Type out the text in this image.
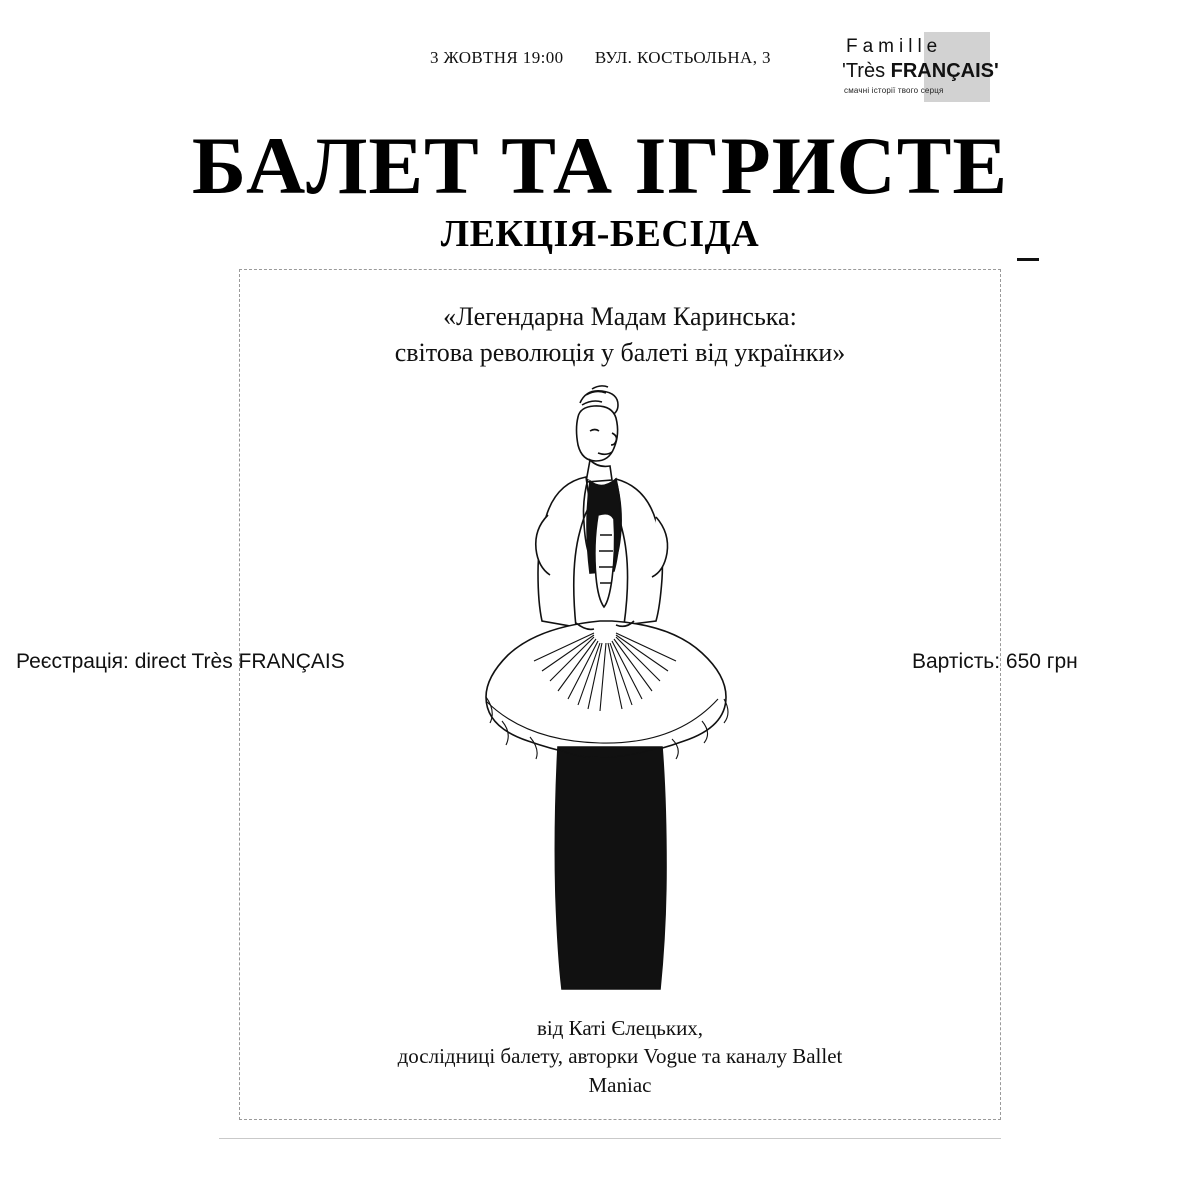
3 ЖОВТНЯ 19:00 ВУЛ. КОСТЬОЛЬНА, 3
Famille
'Très FRANÇAIS'
смачні історії твого серця
БАЛЕТ ТА ІГРИСТЕ
ЛЕКЦІЯ-БЕСІДА
«Легендарна Мадам Каринська:
світова революція у балеті від українки»
Реєстрація: direct Très FRANÇAIS	Вартість: 650 грн
від Каті Єлецьких,
дослідниці балету, авторки Vogue та каналу Ballet
Maniac
